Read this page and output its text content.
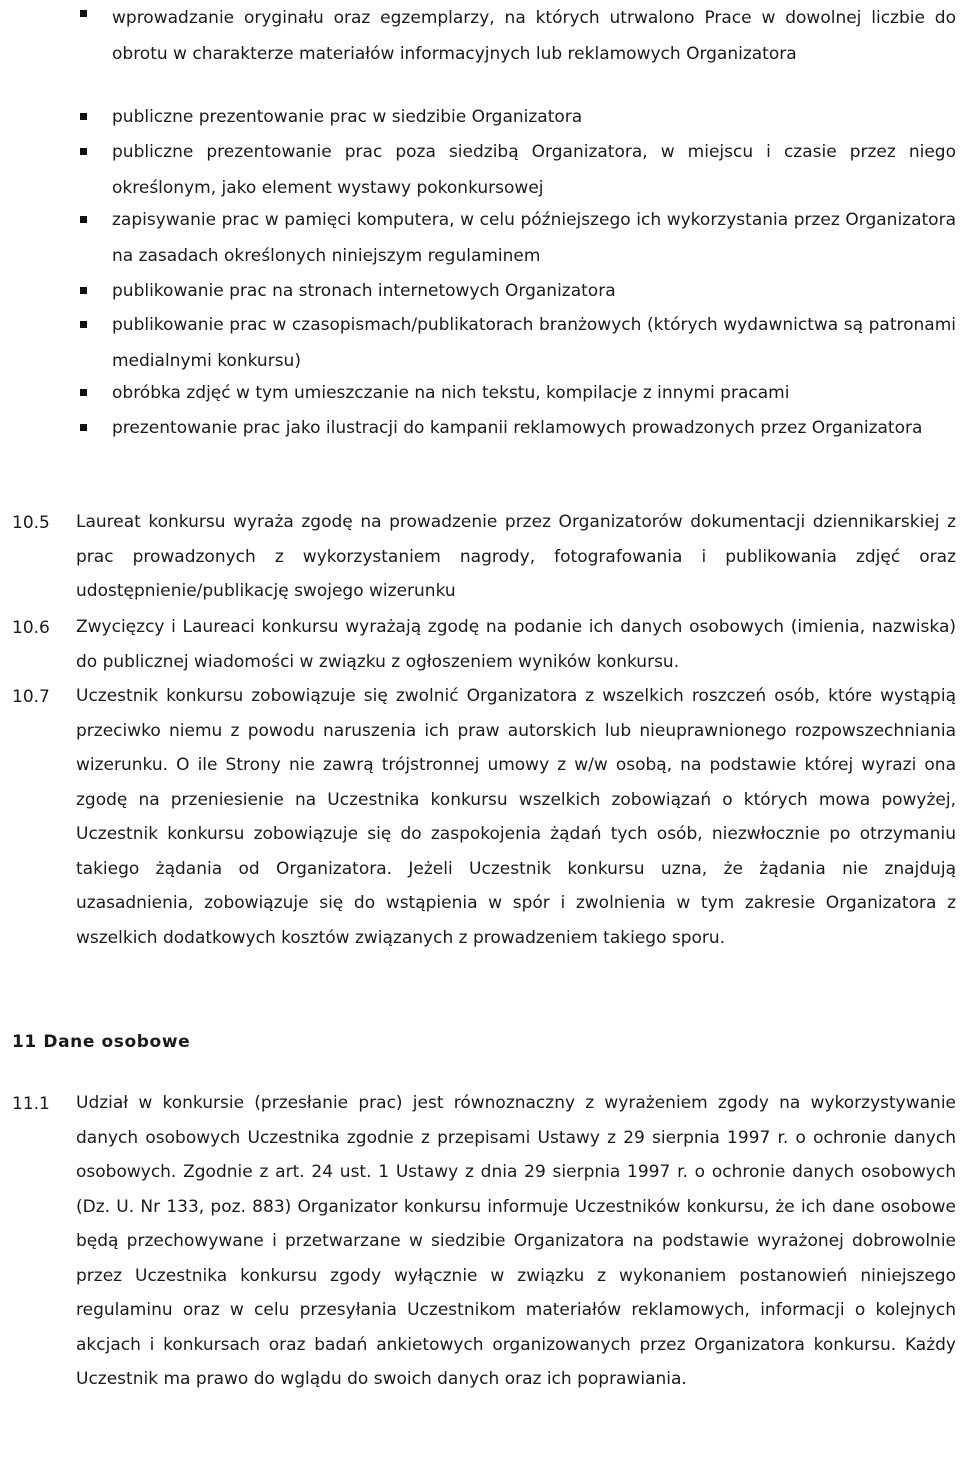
wprowadzanie oryginału oraz egzemplarzy, na których utrwalono Prace w dowolnej liczbie do obrotu w charakterze materiałów informacyjnych lub reklamowych Organizatora
publiczne prezentowanie prac w siedzibie Organizatora
publiczne prezentowanie prac poza siedzibą Organizatora, w miejscu i czasie przez niego określonym, jako element wystawy pokonkursowej
zapisywanie prac w pamięci komputera, w celu późniejszego ich wykorzystania przez Organizatora na zasadach określonych niniejszym regulaminem
publikowanie prac na stronach internetowych Organizatora
publikowanie prac w czasopismach/publikatorach branżowych (których wydawnictwa są patronami medialnymi konkursu)
obróbka zdjęć w tym umieszczanie na nich tekstu, kompilacje z innymi pracami
prezentowanie prac jako ilustracji do kampanii reklamowych prowadzonych przez Organizatora
10.5	Laureat konkursu wyraża zgodę na prowadzenie przez Organizatorów dokumentacji dziennikarskiej z prac prowadzonych z wykorzystaniem nagrody, fotografowania i publikowania zdjęć oraz udostępnienie/publikację swojego wizerunku
10.6	Zwycięzcy i Laureaci konkursu wyrażają zgodę na podanie ich danych osobowych (imienia, nazwiska) do publicznej wiadomości w związku z ogłoszeniem wyników konkursu.
10.7	Uczestnik konkursu zobowiązuje się zwolnić Organizatora z wszelkich roszczeń osób, które wystąpią przeciwko niemu z powodu naruszenia ich praw autorskich lub nieuprawnionego rozpowszechniania wizerunku. O ile Strony nie zawrą trójstronnej umowy z w/w osobą, na podstawie której wyrazi ona zgodę na przeniesienie na Uczestnika konkursu wszelkich zobowiązań o których mowa powyżej, Uczestnik konkursu zobowiązuje się do zaspokojenia żądań tych osób, niezwłocznie po otrzymaniu takiego żądania od Organizatora. Jeżeli Uczestnik konkursu uzna, że żądania nie znajdują uzasadnienia, zobowiązuje się do wstąpienia w spór i zwolnienia w tym zakresie Organizatora z wszelkich dodatkowych kosztów związanych z prowadzeniem takiego sporu.
11 Dane osobowe
11.1	Udział w konkursie (przesłanie prac) jest równoznaczny z wyrażeniem zgody na wykorzystywanie danych osobowych Uczestnika zgodnie z przepisami Ustawy z 29 sierpnia 1997 r. o ochronie danych osobowych. Zgodnie z art. 24 ust. 1 Ustawy z dnia 29 sierpnia 1997 r. o ochronie danych osobowych (Dz. U. Nr 133, poz. 883) Organizator konkursu informuje Uczestników konkursu, że ich dane osobowe będą przechowywane i przetwarzane w siedzibie Organizatora na podstawie wyrażonej dobrowolnie przez Uczestnika konkursu zgody wyłącznie w związku z wykonaniem postanowień niniejszego regulaminu oraz w celu przesyłania Uczestnikom materiałów reklamowych, informacji o kolejnych akcjach i konkursach oraz badań ankietowych organizowanych przez Organizatora konkursu. Każdy Uczestnik ma prawo do wglądu do swoich danych oraz ich poprawiania.
